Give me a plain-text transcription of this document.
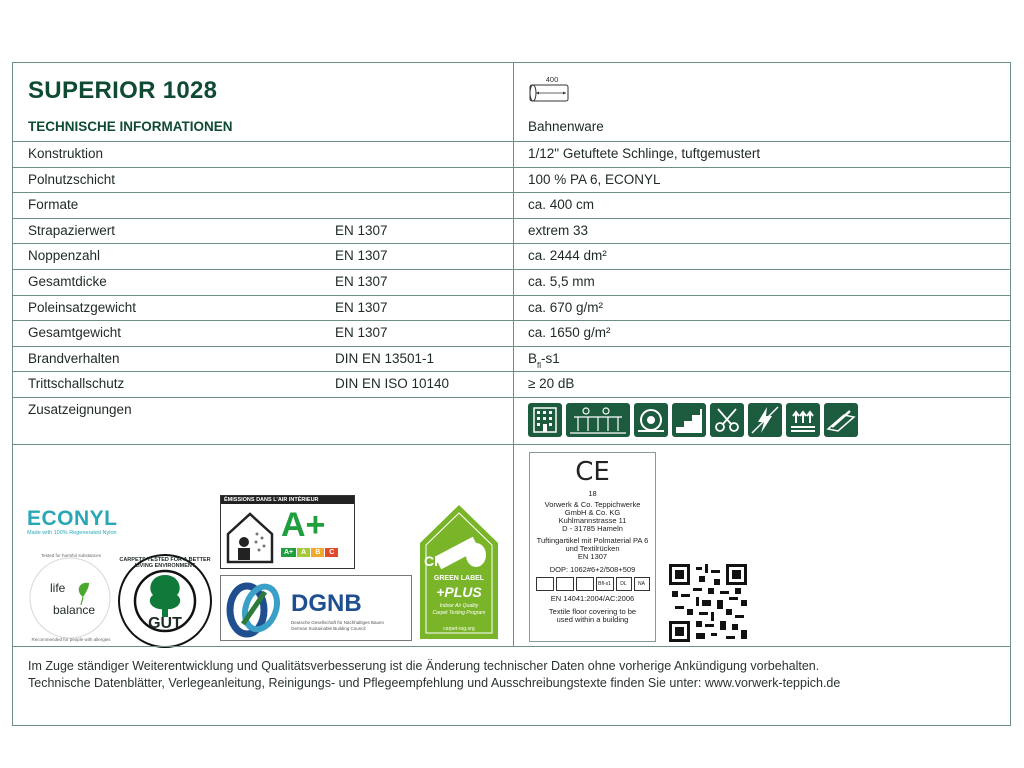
SUPERIOR 1028
TECHNISCHE INFORMATIONEN
400
Bahnenware
Konstruktion	1/12" Getuftete Schlinge, tuftgemustert
Polnutzschicht	100 % PA 6, ECONYL
Formate	ca. 400 cm
Strapazierwert	EN 1307	extrem 33
Noppenzahl	EN 1307	ca. 2444 dm²
Gesamtdicke	EN 1307	ca. 5,5 mm
Poleinsatzgewicht	EN 1307	ca. 670 g/m²
Gesamtgewicht	EN 1307	ca. 1650 g/m²
Brandverhalten	DIN EN 13501-1	$B_{fl}-s1$
Trittschallschutz	DIN EN ISO 10140	≥ 20 dB
Zusatzeignungen
ECONYL
Made with 100% Regenerated Nylon
life
balance
Tested for harmful substances
Recommended for people with allergies
CARPETS TESTED FOR A BETTER LIVING ENVIRONMENT
GUT
ÉMISSIONS DANS L'AIR INTÉRIEUR
A+
A+	A	B	C
DGNB
Deutsche Gesellschaft für Nachhaltiges Bauen
German Sustainable Building Council
CRI
GREEN LABEL
+PLUS
Indoor Air Quality
Carpet Testing Program
carpet-rug.org
CE
18
Vorwerk & Co. Teppichwerke
GmbH & Co. KG
Kuhlmannstrasse 11
D - 31785 Hameln
Tuftingartikel mit Polmaterial PA 6
und Textilrücken
EN 1307
DOP: 1062#6+2/508+509
Bfl-s1	DL	NA
EN 14041:2004/AC:2006
Textile floor covering to be
used within a building
Im Zuge ständiger Weiterentwicklung und Qualitätsverbesserung ist die Änderung technischer Daten ohne vorherige Ankündigung vorbehalten.
Technische Datenblätter, Verlegeanleitung, Reinigungs- und Pflegeempfehlung und Ausschreibungstexte finden Sie unter: www.vorwerk-teppich.de
